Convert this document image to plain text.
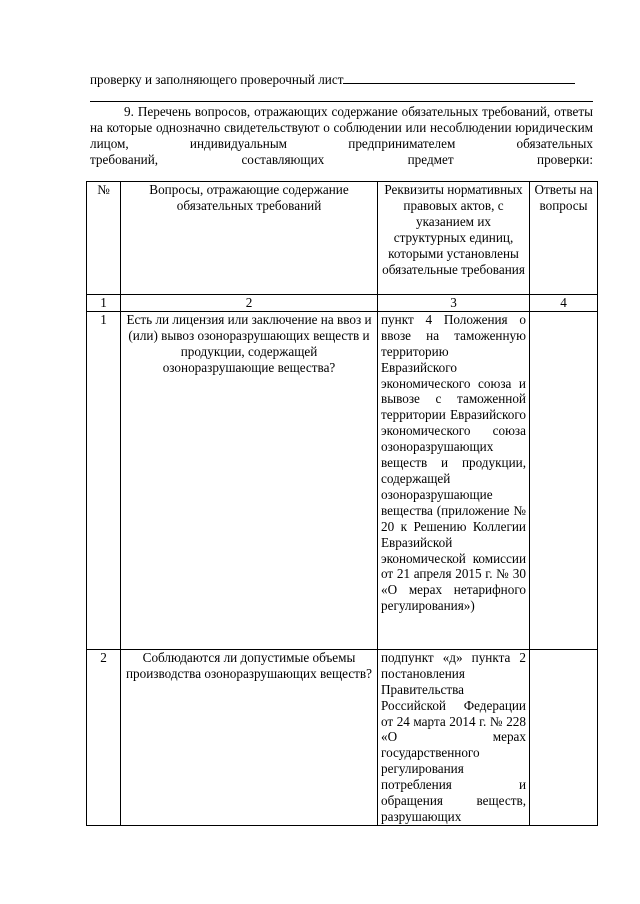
проверку и заполняющего проверочный лист
9. Перечень вопросов, отражающих содержание обязательных требований, ответы на которые однозначно свидетельствуют о соблюдении или несоблюдении юридическим лицом, индивидуальным предпринимателем обязательных
требований, составляющих предмет проверки:
№	Вопросы, отражающие содержание обязательных требований	Реквизиты нормативных правовых актов, с указанием их структурных единиц, которыми установлены обязательные требования	Ответы на вопросы
1	2	3	4
1	Есть ли лицензия или заключение на ввоз и (или) вывоз озоноразрушающих веществ и продукции, содержащей озоноразрушающие вещества?	пункт 4 Положения о ввозе на таможенную территорию Евразийского экономического союза и вывозе с таможенной территории Евразийского экономического союза озоноразрушающих веществ и продукции, содержащей озоноразрушающие вещества (приложение № 20 к Решению Коллегии Евразийской экономической комиссии от 21 апреля 2015 г. № 30 «О мерах нетарифного регулирования»)	
2	Соблюдаются ли допустимые объемы производства озоноразрушающих веществ?	подпункт «д» пункта 2 постановления Правительства Российской Федерации от 24 марта 2014 г. № 228 «О мерах государственного регулирования потребления и обращения веществ, разрушающих	
